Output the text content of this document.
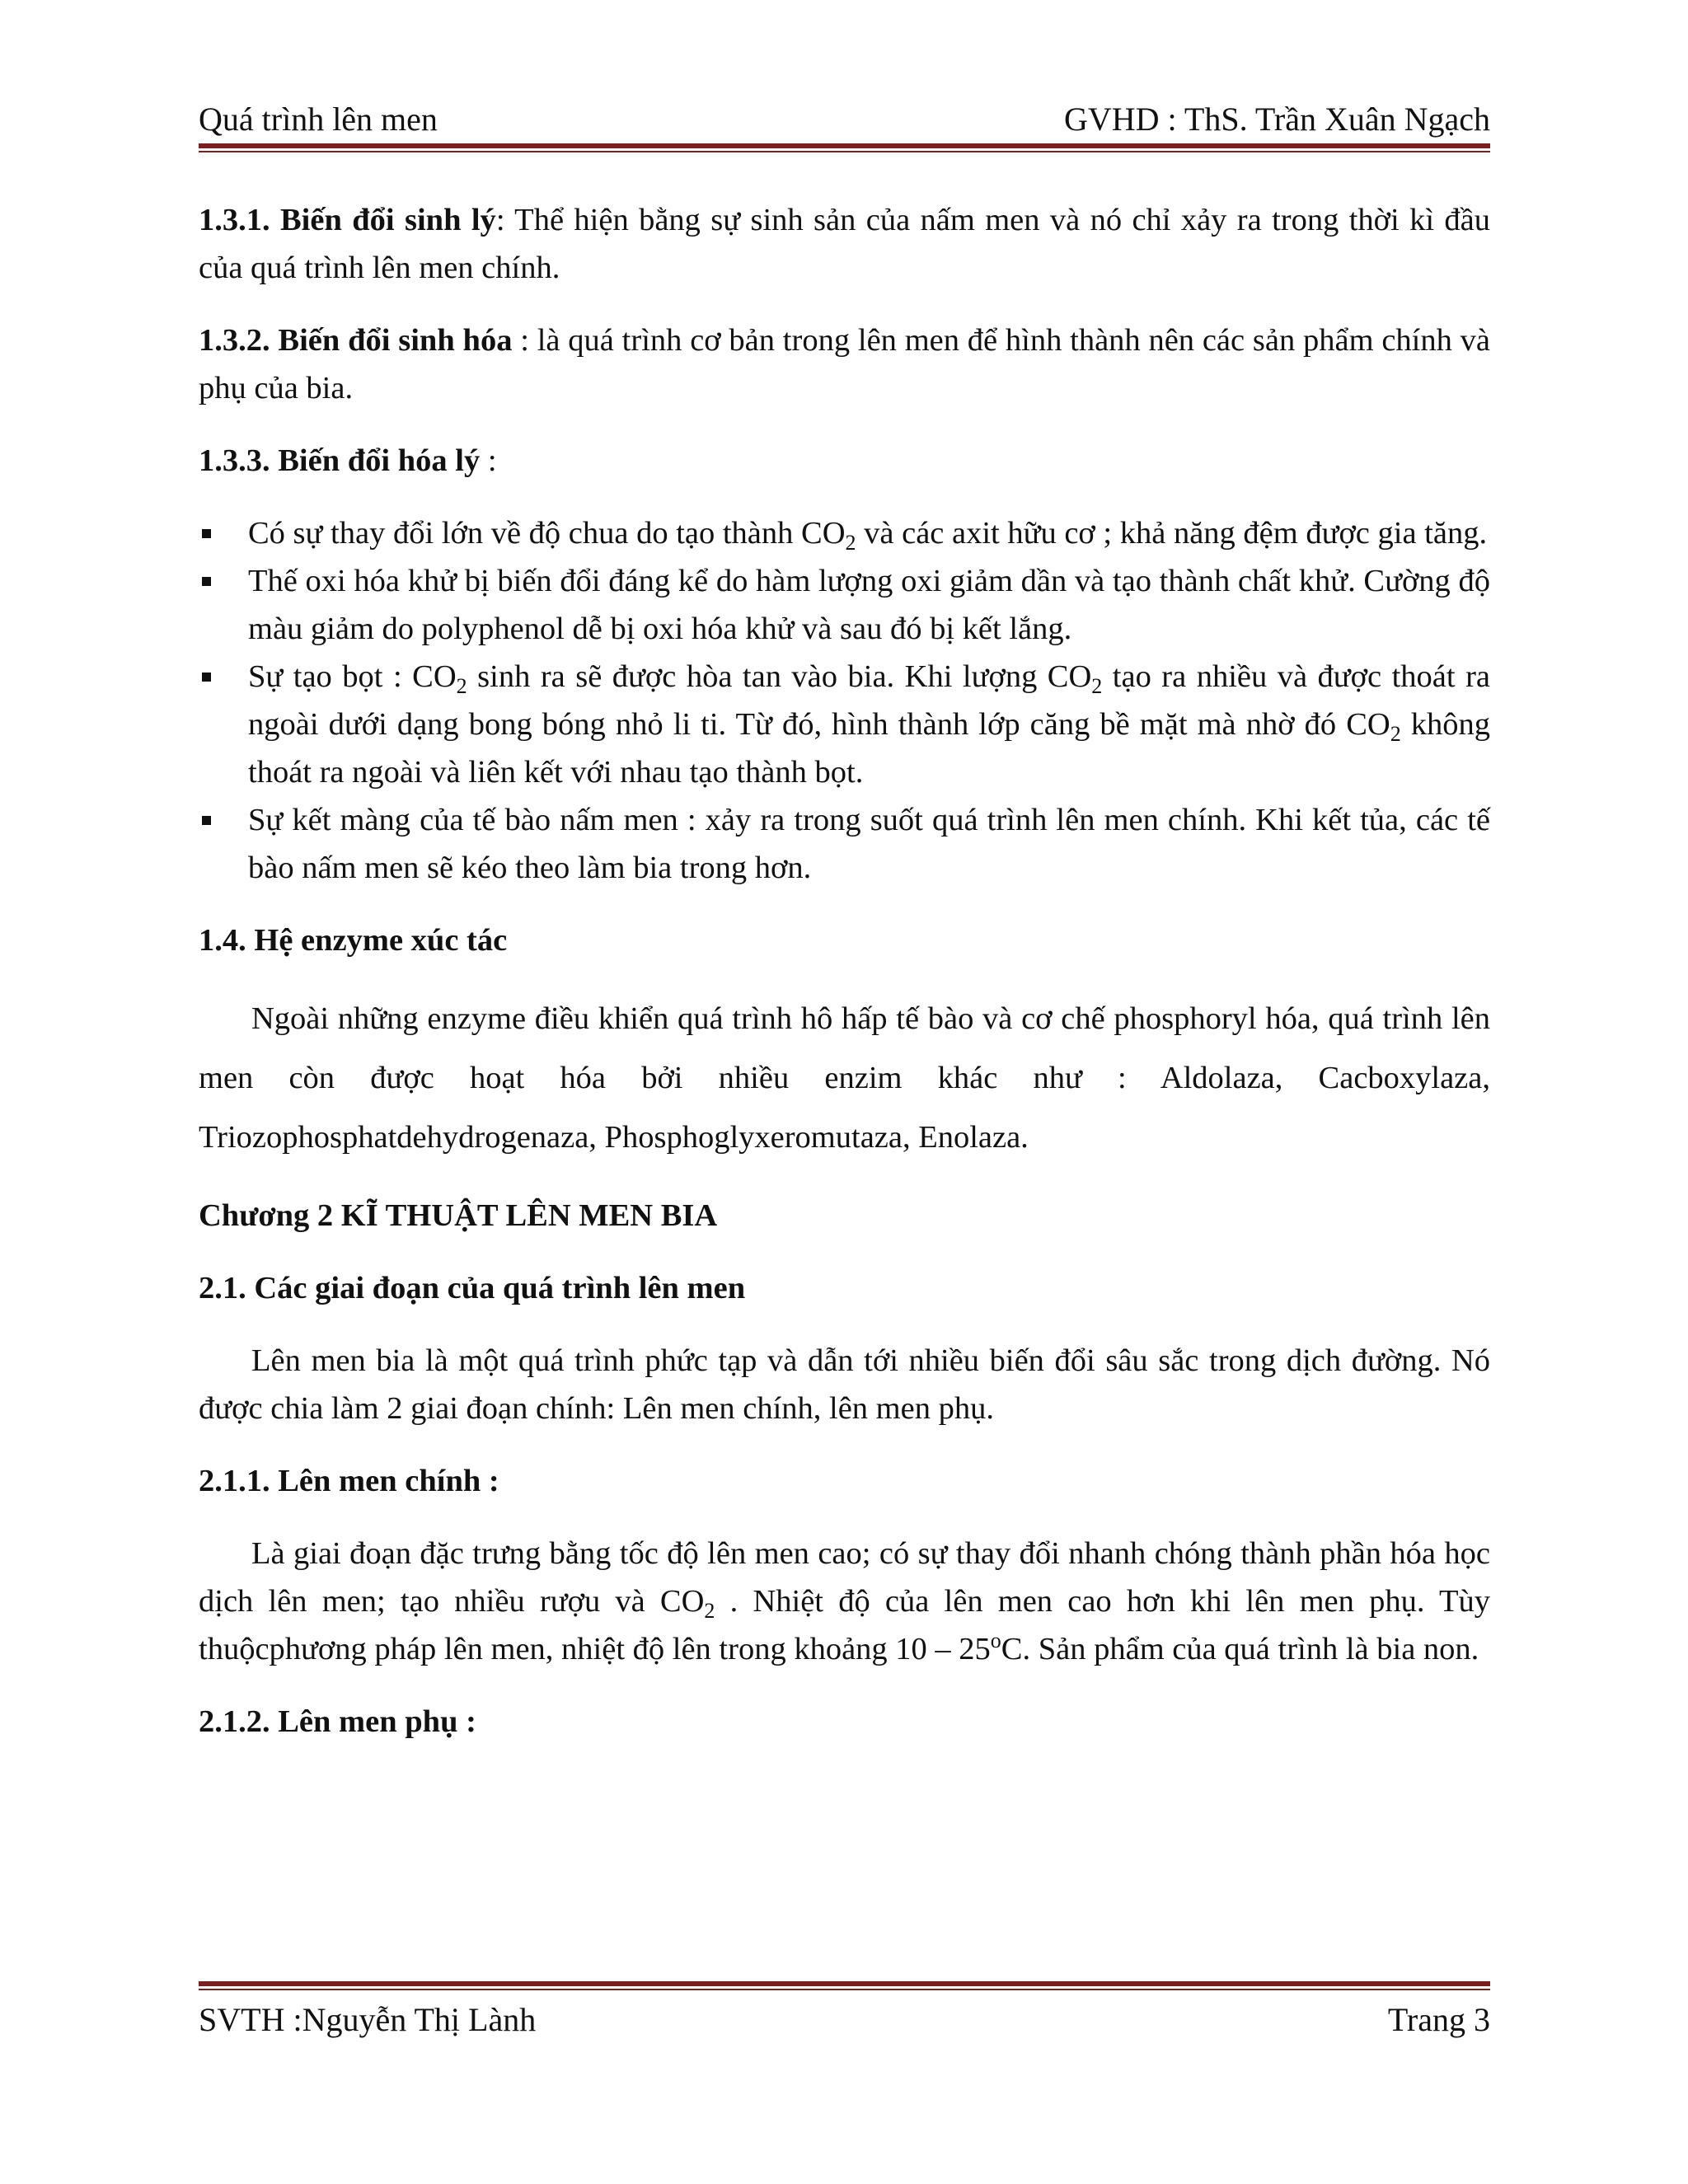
Quá trình lên men	GVHD : ThS. Trần Xuân Ngạch

1.3.1. Biến đổi sinh lý: Thể hiện bằng sự sinh sản của nấm men và nó chỉ xảy ra trong thời kì đầu của quá trình lên men chính.

1.3.2. Biến đổi sinh hóa : là quá trình cơ bản trong lên men để hình thành nên các sản phẩm chính và phụ của bia.

1.3.3. Biến đổi hóa lý :

Có sự thay đổi lớn về độ chua do tạo thành $CO_2$ và các axit hữu cơ ; khả năng đệm được gia tăng.
Thế oxi hóa khử bị biến đổi đáng kể do hàm lượng oxi giảm dần và tạo thành chất khử. Cường độ màu giảm do polyphenol dễ bị oxi hóa khử và sau đó bị kết lắng.
Sự tạo bọt : $CO_2$ sinh ra sẽ được hòa tan vào bia. Khi lượng $CO_2$ tạo ra nhiều và được thoát ra ngoài dưới dạng bong bóng nhỏ li ti. Từ đó, hình thành lớp căng bề mặt mà nhờ đó $CO_2$ không thoát ra ngoài và liên kết với nhau tạo thành bọt.
Sự kết màng của tế bào nấm men : xảy ra trong suốt quá trình lên men chính. Khi kết tủa, các tế bào nấm men sẽ kéo theo làm bia trong hơn.

1.4. Hệ enzyme xúc tác

Ngoài những enzyme điều khiển quá trình hô hấp tế bào và cơ chế phosphoryl hóa, quá trình lên men còn được hoạt hóa bởi nhiều enzim khác như : Aldolaza, Cacboxylaza, Triozophosphatdehydrogenaza, Phosphoglyxeromutaza, Enolaza.

Chương 2 KĨ THUẬT LÊN MEN BIA

2.1. Các giai đoạn của quá trình lên men

Lên men bia là một quá trình phức tạp và dẫn tới nhiều biến đổi sâu sắc trong dịch đường. Nó được chia làm 2 giai đoạn chính: Lên men chính, lên men phụ.

2.1.1. Lên men chính :

Là giai đoạn đặc trưng bằng tốc độ lên men cao; có sự thay đổi nhanh chóng thành phần hóa học dịch lên men; tạo nhiều rượu và $CO_2$ . Nhiệt độ của lên men cao hơn khi lên men phụ. Tùy thuộcphương pháp lên men, nhiệt độ lên trong khoảng 10 – 25$^o$C. Sản phẩm của quá trình là bia non.

2.1.2. Lên men phụ :

SVTH :Nguyễn Thị Lành	Trang 3
